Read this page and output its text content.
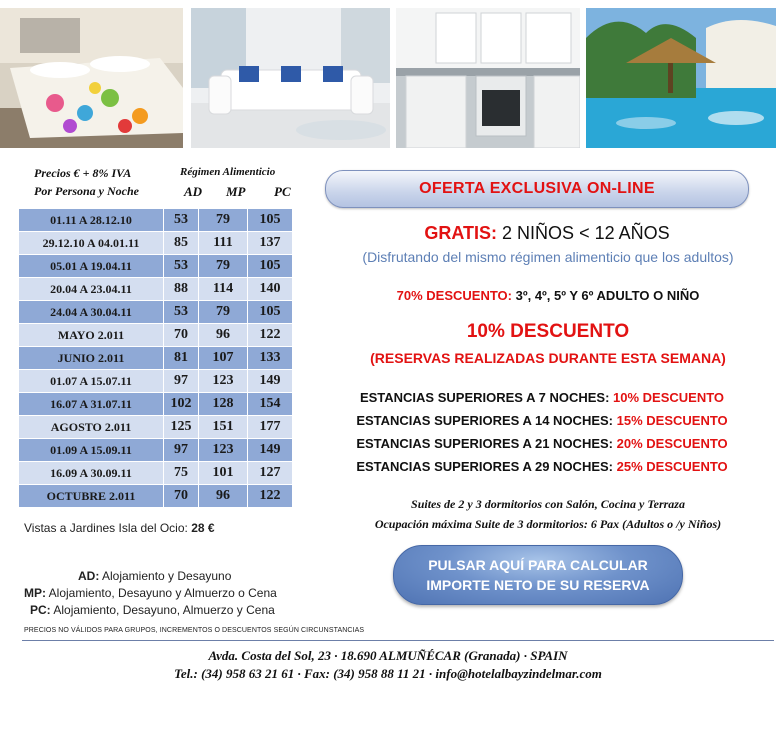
Precios € + 8% IVA
Por Persona y Noche
Régimen Alimenticio
AD MP PC
01.11 A 28.12.10	53	79	105
29.12.10 A 04.01.11	85	111	137
05.01 A 19.04.11	53	79	105
20.04 A 23.04.11	88	114	140
24.04 A 30.04.11	53	79	105
MAYO 2.011	70	96	122
JUNIO 2.011	81	107	133
01.07 A 15.07.11	97	123	149
16.07 A 31.07.11	102	128	154
AGOSTO 2.011	125	151	177
01.09 A 15.09.11	97	123	149
16.09 A 30.09.11	75	101	127
OCTUBRE 2.011	70	96	122
Vistas a Jardines Isla del Ocio: 28 €
AD: Alojamiento y Desayuno
MP: Alojamiento, Desayuno y Almuerzo o Cena
PC: Alojamiento, Desayuno, Almuerzo y Cena
PRECIOS NO VÁLIDOS PARA GRUPOS, INCREMENTOS O DESCUENTOS SEGÚN CIRCUNSTANCIAS
OFERTA EXCLUSIVA ON-LINE
GRATIS: 2 NIÑOS < 12 AÑOS
(Disfrutando del mismo régimen alimenticio que los adultos)
70% DESCUENTO: 3º, 4º, 5º Y 6º ADULTO O NIÑO
10% DESCUENTO
(RESERVAS REALIZADAS DURANTE ESTA SEMANA)
ESTANCIAS SUPERIORES A 7 NOCHES: 10% DESCUENTO
ESTANCIAS SUPERIORES A 14 NOCHES: 15% DESCUENTO
ESTANCIAS SUPERIORES A 21 NOCHES: 20% DESCUENTO
ESTANCIAS SUPERIORES A 29 NOCHES: 25% DESCUENTO
Suites de 2 y 3 dormitorios con Salón, Cocina y Terraza
Ocupación máxima Suite de 3 dormitorios: 6 Pax (Adultos o /y Niños)
PULSAR AQUÍ PARA CALCULAR
IMPORTE NETO DE SU RESERVA
Avda. Costa del Sol, 23 · 18.690 ALMUÑÉCAR (Granada) · SPAIN
Tel.: (34) 958 63 21 61 · Fax: (34) 958 88 11 21 · info@hotelalbayzindelmar.com
